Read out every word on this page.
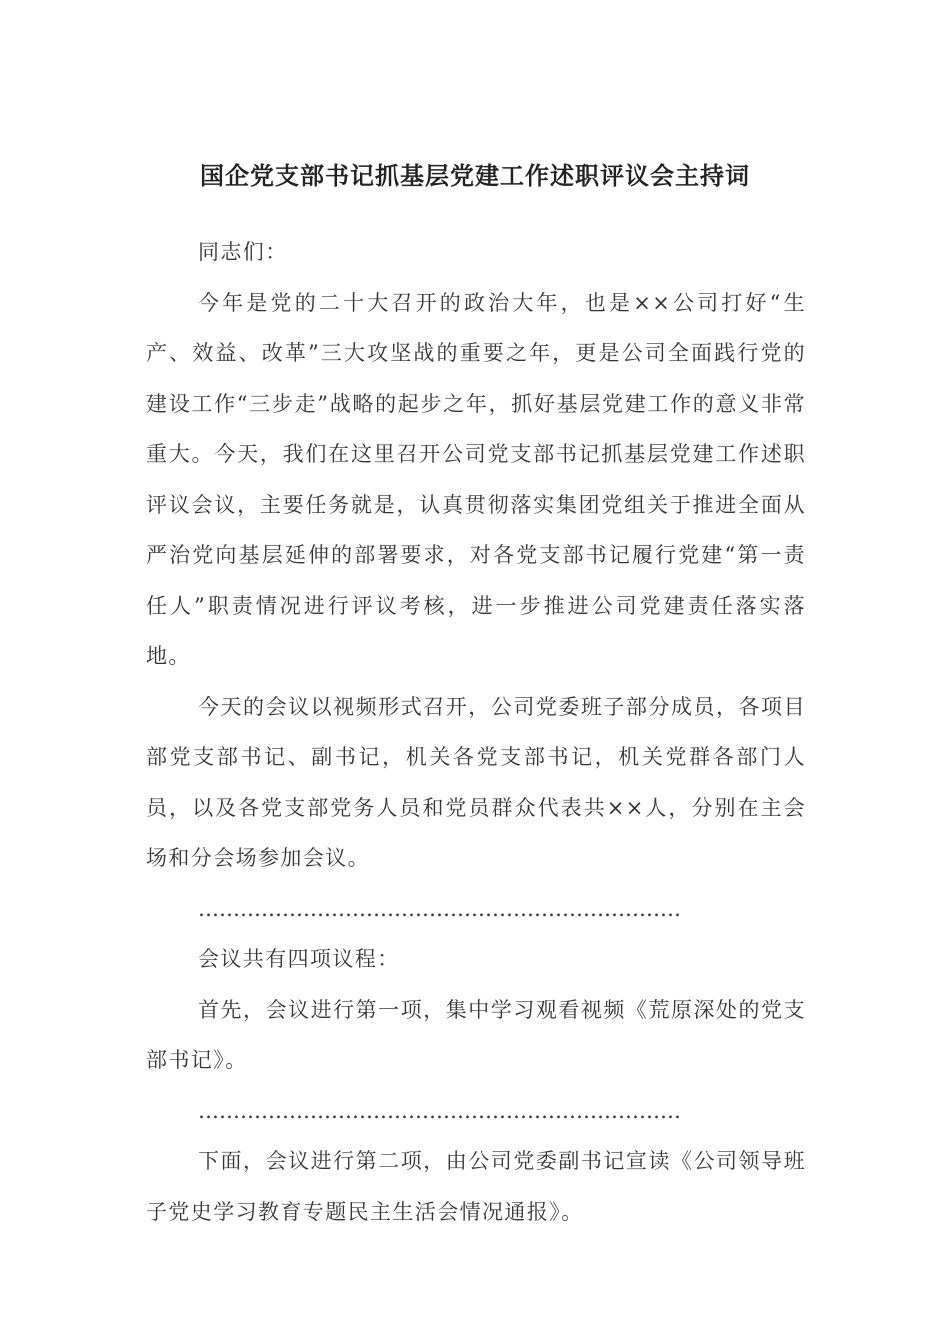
国企党支部书记抓基层党建工作述职评议会主持词

同志们：

今年是党的二十大召开的政治大年，也是××公司打好“生产、效益、改革”三大攻坚战的重要之年，更是公司全面践行党的建设工作“三步走”战略的起步之年，抓好基层党建工作的意义非常重大。今天，我们在这里召开公司党支部书记抓基层党建工作述职评议会议，主要任务就是，认真贯彻落实集团党组关于推进全面从严治党向基层延伸的部署要求，对各党支部书记履行党建“第一责任人”职责情况进行评议考核，进一步推进公司党建责任落实落地。

今天的会议以视频形式召开，公司党委班子部分成员，各项目部党支部书记、副书记，机关各党支部书记，机关党群各部门人员，以及各党支部党务人员和党员群众代表共××人，分别在主会场和分会场参加会议。

……………………………………………………………

会议共有四项议程：

首先，会议进行第一项，集中学习观看视频《荒原深处的党支部书记》。

……………………………………………………………

下面，会议进行第二项，由公司党委副书记宣读《公司领导班子党史学习教育专题民主生活会情况通报》。
